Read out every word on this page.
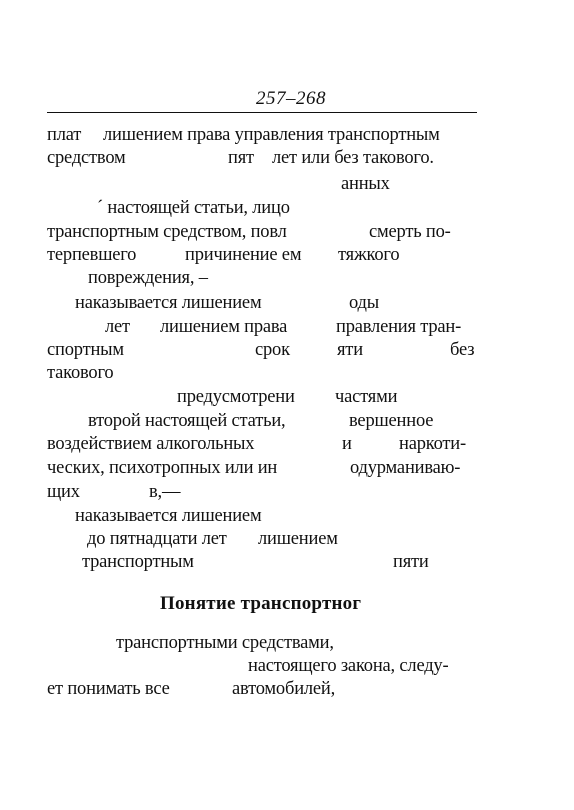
257–268
плат лишением права управления транспортным
средством	пят лет или без такового.
анных
´ настоящей статьи, лицо
транспортным средством, повл	смерть по-
терпевшего	причинение ем тяжкого
повреждения, –
наказывается лишением	оды
лет лишением права	правления тран-
спортным	срок	яти	без
такового
предусмотрени частями
второй настоящей статьи,	вершенное
воздействием алкогольных	и	наркоти-
ческих, психотропных или ин	одурманиваю-
щих	в,—
наказывается лишением
до пятнадцати лет лишением
транспортным	пяти
транспортными средствами,
настоящего закона, следу-
ет понимать все	автомобилей,
Понятие транспортног
